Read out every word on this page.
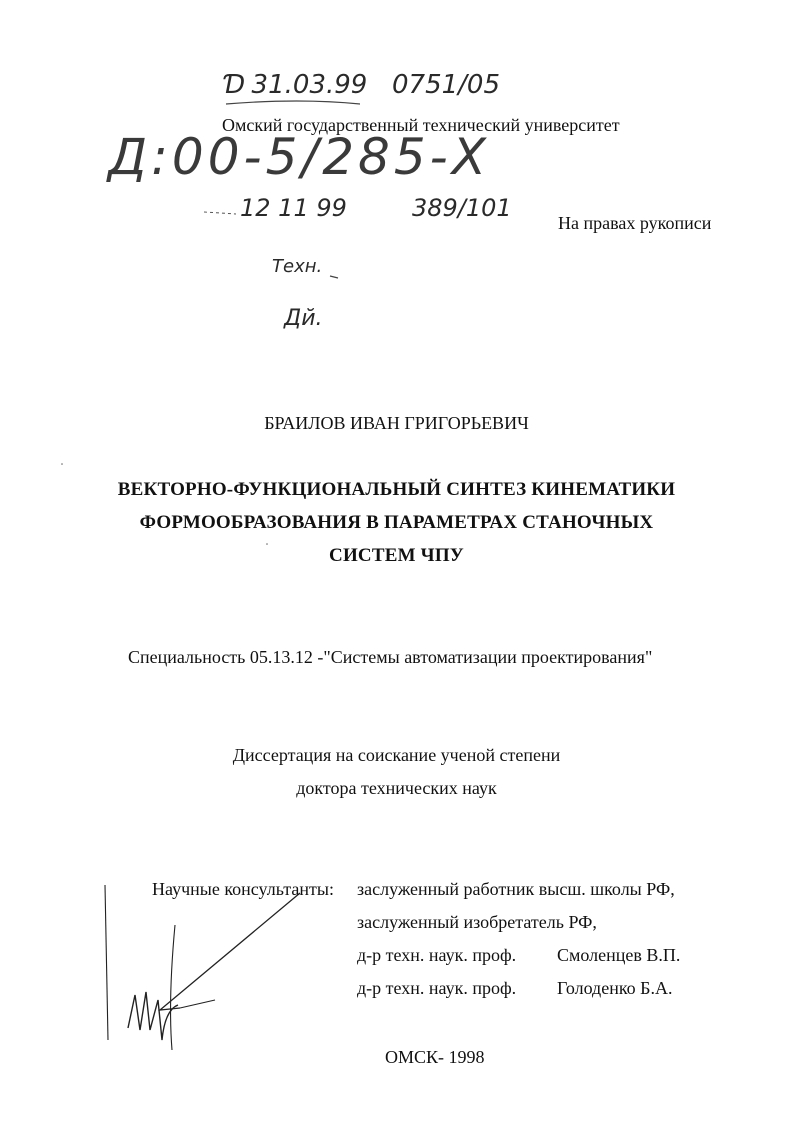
Ɗ 31.03.99 0751/05
Д:00-5/285-X
12 11 99	389/101
Техн.
Дй.
Омский государственный технический университет
На правах рукописи
БРАИЛОВ ИВАН ГРИГОРЬЕВИЧ
ВЕКТОРНО-ФУНКЦИОНАЛЬНЫЙ СИНТЕЗ КИНЕМАТИКИ
ФОРМООБРАЗОВАНИЯ В ПАРАМЕТРАХ СТАНОЧНЫХ
СИСТЕМ ЧПУ
Специальность 05.13.12 -"Системы автоматизации проектирования"
Диссертация на соискание ученой степени
доктора технических наук
Научные консультанты: заслуженный работник высш. школы РФ,
заслуженный изобретатель РФ,
д-р техн. наук. проф. Смоленцев В.П.
д-р техн. наук. проф. Голоденко Б.А.
ОМСК- 1998
